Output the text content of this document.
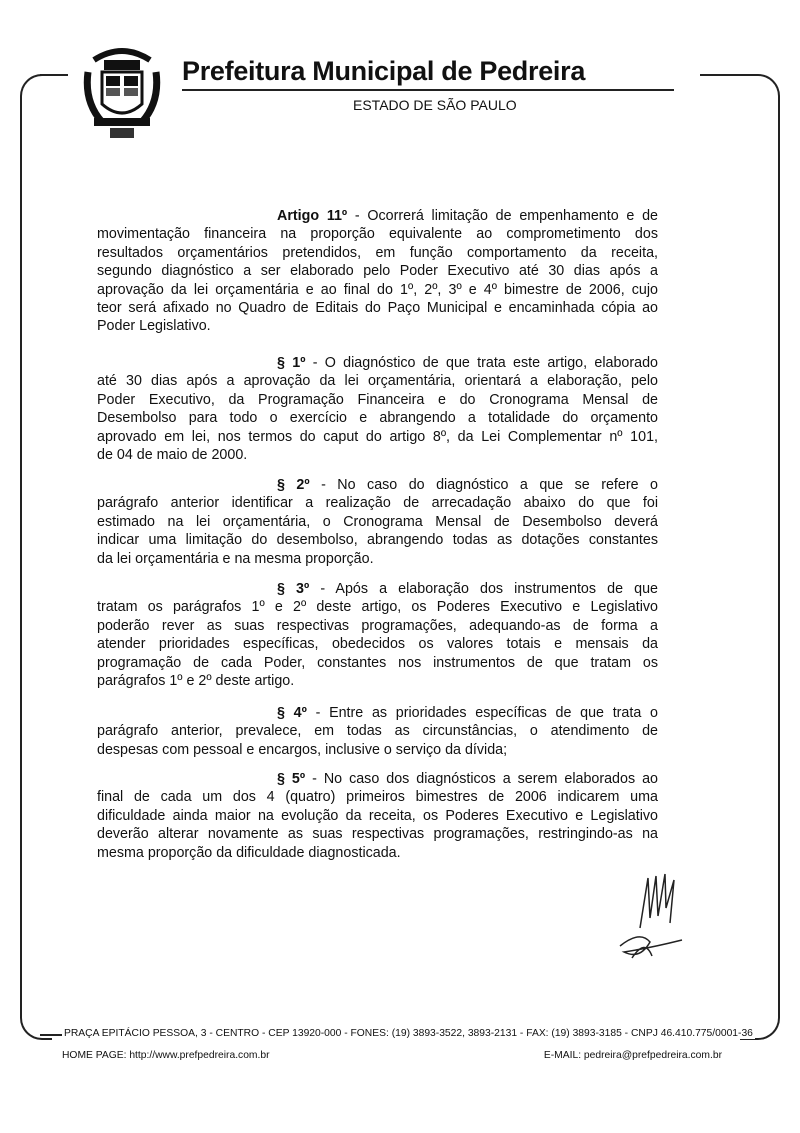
Prefeitura Municipal de Pedreira
ESTADO DE SÃO PAULO
Artigo 11º - Ocorrerá limitação de empenhamento e de
movimentação financeira na proporção equivalente ao comprometimento dos
resultados orçamentários pretendidos, em função comportamento da receita,
segundo diagnóstico a ser elaborado pelo Poder Executivo até 30 dias após a
aprovação da lei orçamentária e ao final do 1º, 2º, 3º e 4º bimestre de 2006, cujo
teor será afixado no Quadro de Editais do Paço Municipal e encaminhada cópia ao
Poder Legislativo.
§ 1º - O diagnóstico de que trata este artigo, elaborado
até 30 dias após a aprovação da lei orçamentária, orientará a elaboração, pelo
Poder Executivo, da Programação Financeira e do Cronograma Mensal de
Desembolso para todo o exercício e abrangendo a totalidade do orçamento
aprovado em lei, nos termos do caput do artigo 8º, da Lei Complementar nº 101,
de 04 de maio de 2000.
§ 2º - No caso do diagnóstico a que se refere o
parágrafo anterior identificar a realização de arrecadação abaixo do que foi
estimado na lei orçamentária, o Cronograma Mensal de Desembolso deverá
indicar uma limitação do desembolso, abrangendo todas as dotações constantes
da lei orçamentária e na mesma proporção.
§ 3º - Após a elaboração dos instrumentos de que
tratam os parágrafos 1º e 2º deste artigo, os Poderes Executivo e Legislativo
poderão rever as suas respectivas programações, adequando-as de forma a
atender prioridades específicas, obedecidos os valores totais e mensais da
programação de cada Poder, constantes nos instrumentos de que tratam os
parágrafos 1º e 2º deste artigo.
§ 4º - Entre as prioridades específicas de que trata o
parágrafo anterior, prevalece, em todas as circunstâncias, o atendimento de
despesas com pessoal e encargos, inclusive o serviço da dívida;
§ 5º - No caso dos diagnósticos a serem elaborados ao
final de cada um dos 4 (quatro) primeiros bimestres de 2006 indicarem uma
dificuldade ainda maior na evolução da receita, os Poderes Executivo e Legislativo
deverão alterar novamente as suas respectivas programações, restringindo-as na
mesma proporção da dificuldade diagnosticada.
PRAÇA EPITÁCIO PESSOA, 3 - CENTRO - CEP 13920-000 - FONES: (19) 3893-3522, 3893-2131 - FAX: (19) 3893-3185 - CNPJ 46.410.775/0001-36
HOME PAGE: http://www.prefpedreira.com.br	E-MAIL: pedreira@prefpedreira.com.br
